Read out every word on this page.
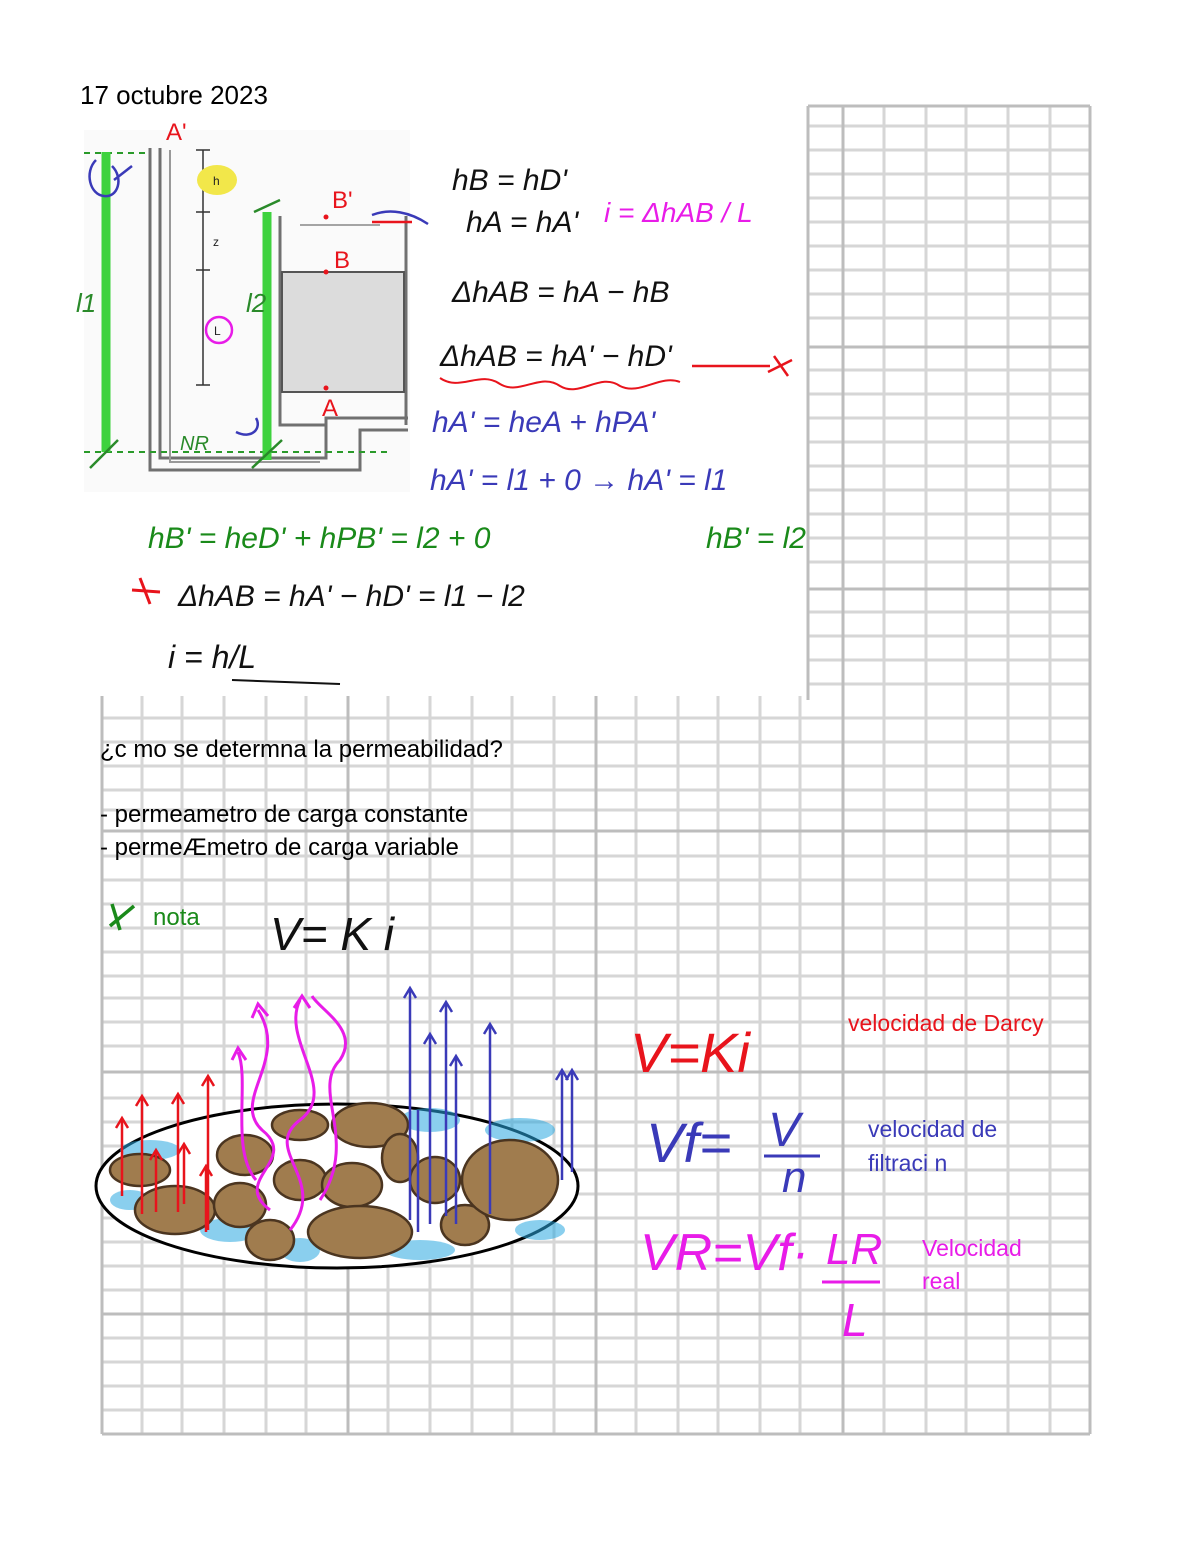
h
z
L
A'
B'
B
A
NR
l1	l2
hB = hD'
hA = hA' i = ΔhAB / L
ΔhAB = hA − hB
ΔhAB = hA' − hD'
hA' = heA + hPA'
hA' = l1 + 0 → hA' = l1
hB' = heD' + hPB' = l2 + 0	hB' = l2
ΔhAB = hA' − hD' = l1 − l2
i = h/L
V= K i
V=Ki
Vf= V
n
VR=Vf· LR
L
17 octubre 2023
¿c mo se determna la permeabilidad?
- permeametro de carga constante
- permeÆmetro de carga variable
nota
velocidad de Darcy
velocidad de
filtraci n
Velocidad
real
